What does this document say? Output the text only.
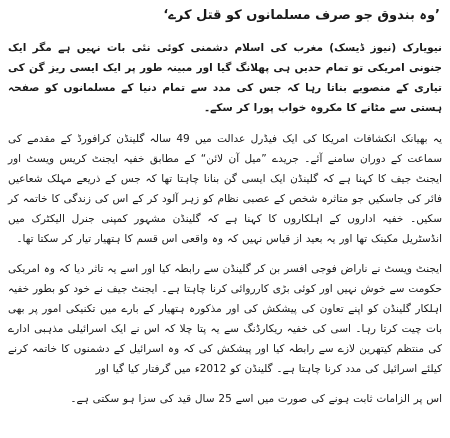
’وہ بندوق جو صرف مسلمانوں کو قتل کرے‘

نیویارک (نیوز ڈیسک) مغرب کی اسلام دشمنی کوئی نئی بات نہیں ہے مگر ایک جنونی امریکی تو تمام حدیں ہی پھلانگ گیا اور مبینہ طور پر ایک ایسی ریز گن کی تیاری کے منصوبے بناتا رہا کہ جس کی مدد سے تمام دنیا کے مسلمانوں کو صفحہ ہستی سے مٹانے کا مکروہ خواب پورا کر سکے۔

یہ بھیانک انکشافات امریکا کی ایک فیڈرل عدالت میں 49 سالہ گلینڈن کرافورڈ کے مقدمے کی سماعت کے دوران سامنے آئے۔ جریدے ”میل آن لائن“ کے مطابق خفیہ ایجنٹ کریس ویسٹ اور ایجنٹ جیف کا کہنا ہے کہ گلینڈن ایک ایسی گن بنانا چاہتا تھا کہ جس کے ذریعے مہلک شعاعیں فائر کی جاسکیں جو متاثرہ شخص کے عصبی نظام کو زہر آلود کر کے اس کی زندگی کا خاتمہ کر سکیں۔ خفیہ اداروں کے اہلکاروں کا کہنا ہے کہ گلینڈن مشہور کمپنی جنرل الیکٹرک میں انڈسٹریل مکینک تھا اور یہ بعید از قیاس نہیں کہ وہ واقعی اس قسم کا ہتھیار تیار کر سکتا تھا۔

ایجنٹ ویسٹ نے ناراض فوجی افسر بن کر گلینڈن سے رابطہ کیا اور اسے یہ تاثر دیا کہ وہ امریکی حکومت سے خوش نہیں اور کوئی بڑی کارروائی کرنا چاہتا ہے۔ ایجنٹ جیف نے خود کو بطور خفیہ اہلکار گلینڈن کو اپنے تعاون کی پیشکش کی اور مذکورہ ہتھیار کے بارے میں تکنیکی امور پر بھی بات چیت کرتا رہا۔ اسی کی خفیہ ریکارڈنگ سے یہ پتا چلا کہ اس نے ایک اسرائیلی مذہبی ادارے کی منتظم کیتھرین لازے سے رابطہ کیا اور پیشکش کی کہ وہ اسرائیل کے دشمنوں کا خاتمہ کرنے کیلئے اسرائیل کی مدد کرنا چاہتا ہے۔ گلینڈن کو 2012ء میں گرفتار کیا گیا اور

اس پر الزامات ثابت ہونے کی صورت میں اسے 25 سال قید کی سزا ہو سکتی ہے۔
